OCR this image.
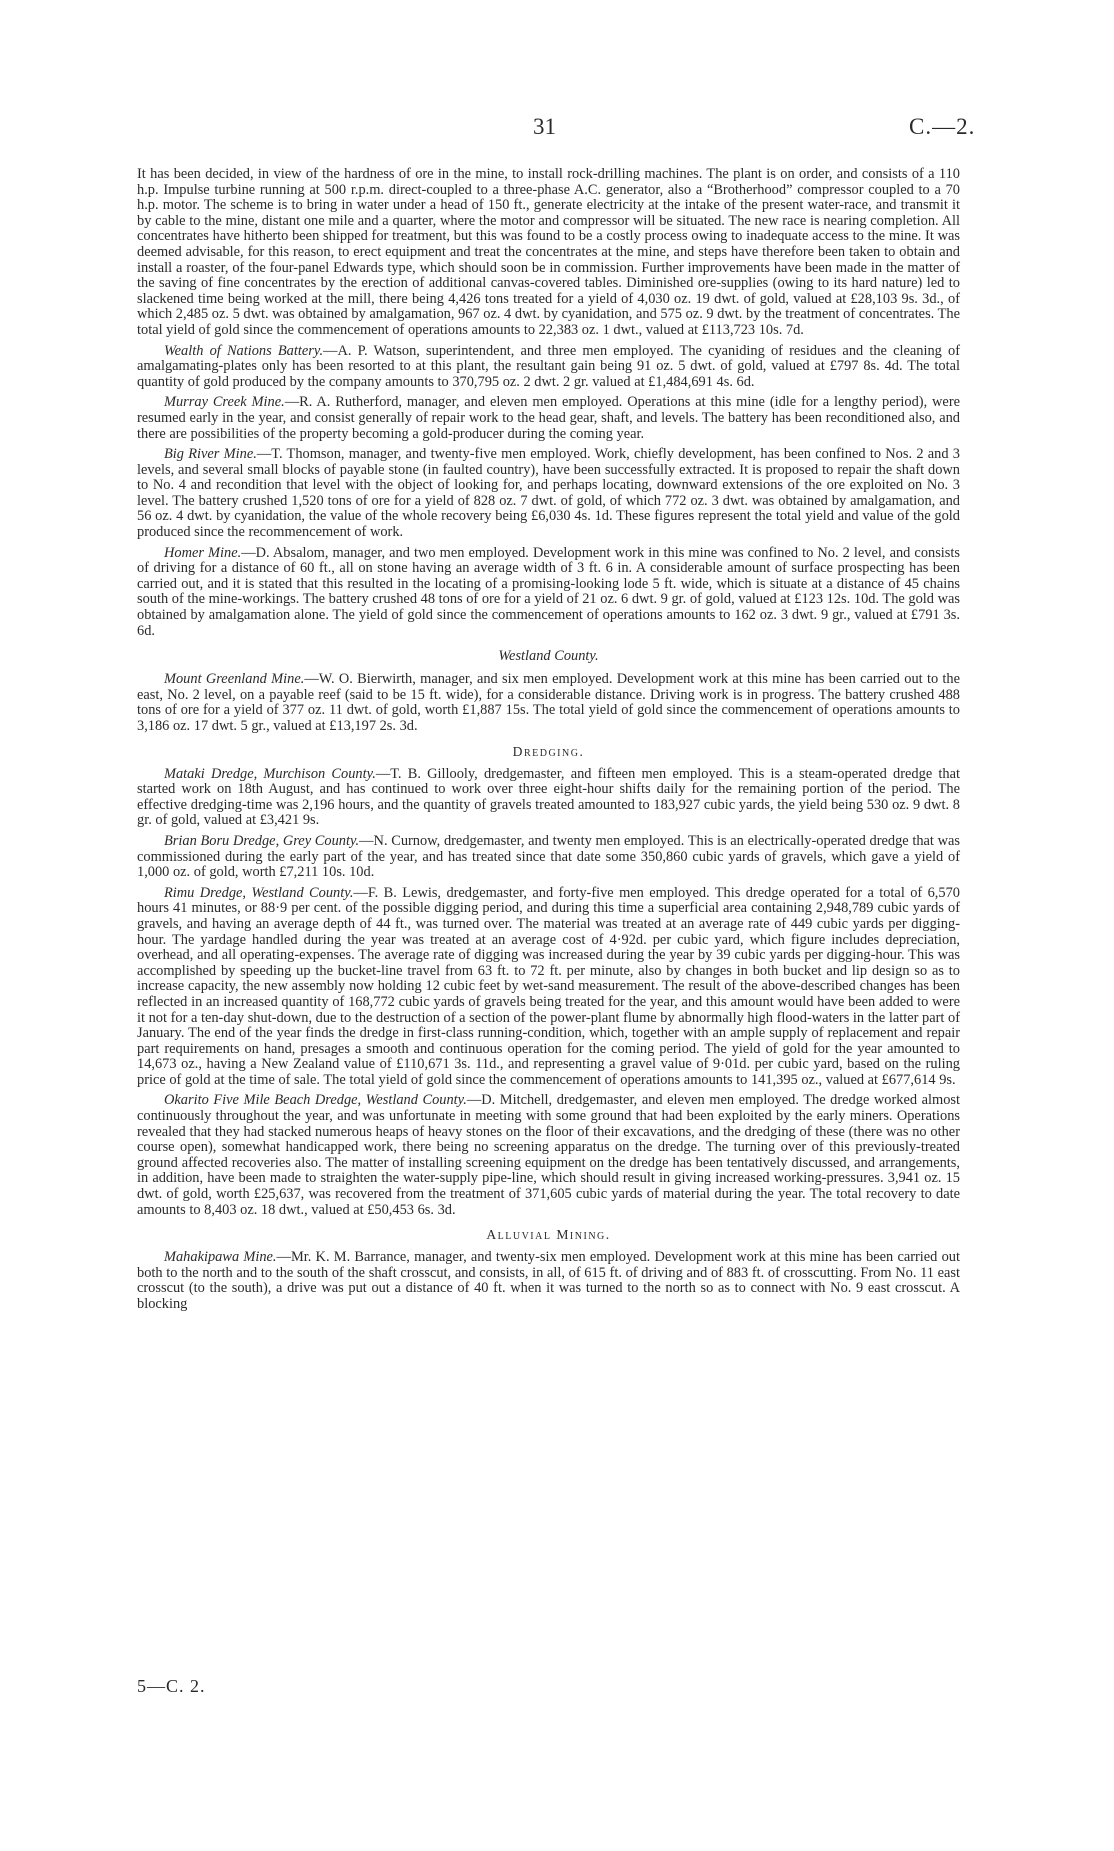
31	C.—2.

It has been decided, in view of the hardness of ore in the mine, to install rock-drilling machines. The plant is on order, and consists of a 110 h.p. Impulse turbine running at 500 r.p.m. direct-coupled to a three-phase A.C. generator, also a “Brotherhood” compressor coupled to a 70 h.p. motor. The scheme is to bring in water under a head of 150 ft., generate electricity at the intake of the present water-race, and transmit it by cable to the mine, distant one mile and a quarter, where the motor and compressor will be situated. The new race is nearing completion. All concentrates have hitherto been shipped for treatment, but this was found to be a costly process owing to inadequate access to the mine. It was deemed advisable, for this reason, to erect equipment and treat the concentrates at the mine, and steps have therefore been taken to obtain and install a roaster, of the four-panel Edwards type, which should soon be in commission. Further improvements have been made in the matter of the saving of fine concentrates by the erection of additional canvas-covered tables. Diminished ore-supplies (owing to its hard nature) led to slackened time being worked at the mill, there being 4,426 tons treated for a yield of 4,030 oz. 19 dwt. of gold, valued at £28,103 9s. 3d., of which 2,485 oz. 5 dwt. was obtained by amalgamation, 967 oz. 4 dwt. by cyanidation, and 575 oz. 9 dwt. by the treatment of concentrates. The total yield of gold since the commencement of operations amounts to 22,383 oz. 1 dwt., valued at £113,723 10s. 7d.

Wealth of Nations Battery.—A. P. Watson, superintendent, and three men employed. The cyaniding of residues and the cleaning of amalgamating-plates only has been resorted to at this plant, the resultant gain being 91 oz. 5 dwt. of gold, valued at £797 8s. 4d. The total quantity of gold produced by the company amounts to 370,795 oz. 2 dwt. 2 gr. valued at £1,484,691 4s. 6d.

Murray Creek Mine.—R. A. Rutherford, manager, and eleven men employed. Operations at this mine (idle for a lengthy period), were resumed early in the year, and consist generally of repair work to the head gear, shaft, and levels. The battery has been reconditioned also, and there are possibilities of the property becoming a gold-producer during the coming year.

Big River Mine.—T. Thomson, manager, and twenty-five men employed. Work, chiefly development, has been confined to Nos. 2 and 3 levels, and several small blocks of payable stone (in faulted country), have been successfully extracted. It is proposed to repair the shaft down to No. 4 and recondition that level with the object of looking for, and perhaps locating, downward extensions of the ore exploited on No. 3 level. The battery crushed 1,520 tons of ore for a yield of 828 oz. 7 dwt. of gold, of which 772 oz. 3 dwt. was obtained by amalgamation, and 56 oz. 4 dwt. by cyanidation, the value of the whole recovery being £6,030 4s. 1d. These figures represent the total yield and value of the gold produced since the recommencement of work.

Homer Mine.—D. Absalom, manager, and two men employed. Development work in this mine was confined to No. 2 level, and consists of driving for a distance of 60 ft., all on stone having an average width of 3 ft. 6 in. A considerable amount of surface prospecting has been carried out, and it is stated that this resulted in the locating of a promising-looking lode 5 ft. wide, which is situate at a distance of 45 chains south of the mine-workings. The battery crushed 48 tons of ore for a yield of 21 oz. 6 dwt. 9 gr. of gold, valued at £123 12s. 10d. The gold was obtained by amalgamation alone. The yield of gold since the commencement of operations amounts to 162 oz. 3 dwt. 9 gr., valued at £791 3s. 6d.

Westland County.

Mount Greenland Mine.—W. O. Bierwirth, manager, and six men employed. Development work at this mine has been carried out to the east, No. 2 level, on a payable reef (said to be 15 ft. wide), for a considerable distance. Driving work is in progress. The battery crushed 488 tons of ore for a yield of 377 oz. 11 dwt. of gold, worth £1,887 15s. The total yield of gold since the commencement of operations amounts to 3,186 oz. 17 dwt. 5 gr., valued at £13,197 2s. 3d.

Dredging.

Mataki Dredge, Murchison County.—T. B. Gillooly, dredgemaster, and fifteen men employed. This is a steam-operated dredge that started work on 18th August, and has continued to work over three eight-hour shifts daily for the remaining portion of the period. The effective dredging-time was 2,196 hours, and the quantity of gravels treated amounted to 183,927 cubic yards, the yield being 530 oz. 9 dwt. 8 gr. of gold, valued at £3,421 9s.

Brian Boru Dredge, Grey County.—N. Curnow, dredgemaster, and twenty men employed. This is an electrically-operated dredge that was commissioned during the early part of the year, and has treated since that date some 350,860 cubic yards of gravels, which gave a yield of 1,000 oz. of gold, worth £7,211 10s. 10d.

Rimu Dredge, Westland County.—F. B. Lewis, dredgemaster, and forty-five men employed. This dredge operated for a total of 6,570 hours 41 minutes, or 88·9 per cent. of the possible digging period, and during this time a superficial area containing 2,948,789 cubic yards of gravels, and having an average depth of 44 ft., was turned over. The material was treated at an average rate of 449 cubic yards per digging-hour. The yardage handled during the year was treated at an average cost of 4·92d. per cubic yard, which figure includes depreciation, overhead, and all operating-expenses. The average rate of digging was increased during the year by 39 cubic yards per digging-hour. This was accomplished by speeding up the bucket-line travel from 63 ft. to 72 ft. per minute, also by changes in both bucket and lip design so as to increase capacity, the new assembly now holding 12 cubic feet by wet-sand measurement. The result of the above-described changes has been reflected in an increased quantity of 168,772 cubic yards of gravels being treated for the year, and this amount would have been added to were it not for a ten-day shut-down, due to the destruction of a section of the power-plant flume by abnormally high flood-waters in the latter part of January. The end of the year finds the dredge in first-class running-condition, which, together with an ample supply of replacement and repair part requirements on hand, presages a smooth and continuous operation for the coming period. The yield of gold for the year amounted to 14,673 oz., having a New Zealand value of £110,671 3s. 11d., and representing a gravel value of 9·01d. per cubic yard, based on the ruling price of gold at the time of sale. The total yield of gold since the commencement of operations amounts to 141,395 oz., valued at £677,614 9s.

Okarito Five Mile Beach Dredge, Westland County.—D. Mitchell, dredgemaster, and eleven men employed. The dredge worked almost continuously throughout the year, and was unfortunate in meeting with some ground that had been exploited by the early miners. Operations revealed that they had stacked numerous heaps of heavy stones on the floor of their excavations, and the dredging of these (there was no other course open), somewhat handicapped work, there being no screening apparatus on the dredge. The turning over of this previously-treated ground affected recoveries also. The matter of installing screening equipment on the dredge has been tentatively discussed, and arrangements, in addition, have been made to straighten the water-supply pipe-line, which should result in giving increased working-pressures. 3,941 oz. 15 dwt. of gold, worth £25,637, was recovered from the treatment of 371,605 cubic yards of material during the year. The total recovery to date amounts to 8,403 oz. 18 dwt., valued at £50,453 6s. 3d.

Alluvial Mining.

Mahakipawa Mine.—Mr. K. M. Barrance, manager, and twenty-six men employed. Development work at this mine has been carried out both to the north and to the south of the shaft crosscut, and consists, in all, of 615 ft. of driving and of 883 ft. of crosscutting. From No. 11 east crosscut (to the south), a drive was put out a distance of 40 ft. when it was turned to the north so as to connect with No. 9 east crosscut. A blocking

5—C. 2.
